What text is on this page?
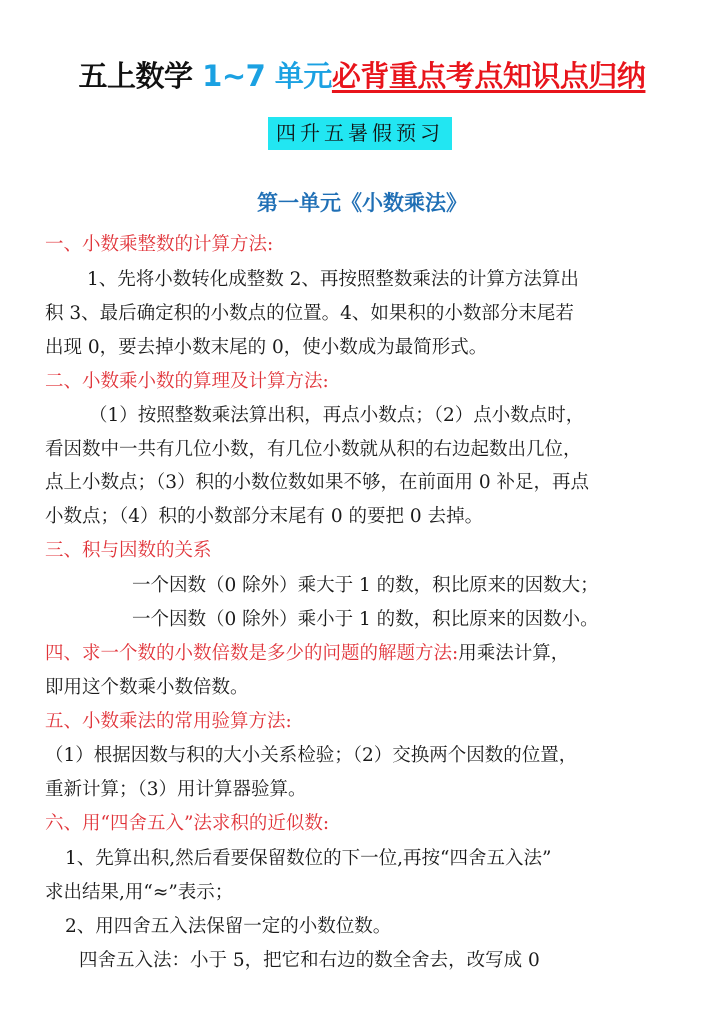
五上数学 1~7 单元必背重点考点知识点归纳
四升五暑假预习
第一单元《小数乘法》
一、小数乘整数的计算方法:
1、先将小数转化成整数 2、再按照整数乘法的计算方法算出
积 3、最后确定积的小数点的位置。4、如果积的小数部分末尾若
出现 0，要去掉小数末尾的 0，使小数成为最简形式。
二、小数乘小数的算理及计算方法:
（1）按照整数乘法算出积，再点小数点；（2）点小数点时，
看因数中一共有几位小数，有几位小数就从积的右边起数出几位，
点上小数点；（3）积的小数位数如果不够，在前面用 0 补足，再点
小数点；（4）积的小数部分末尾有 0 的要把 0 去掉。
三、积与因数的关系
一个因数（0 除外）乘大于 1 的数，积比原来的因数大；
一个因数（0 除外）乘小于 1 的数，积比原来的因数小。
四、求一个数的小数倍数是多少的问题的解题方法:用乘法计算，
即用这个数乘小数倍数。
五、小数乘法的常用验算方法:
（1）根据因数与积的大小关系检验；（2）交换两个因数的位置，
重新计算；（3）用计算器验算。
六、用“四舍五入”法求积的近似数:
1、先算出积,然后看要保留数位的下一位,再按“四舍五入法”
求出结果,用“≈”表示；
2、用四舍五入法保留一定的小数位数。
四舍五入法：小于 5，把它和右边的数全舍去，改写成 0
